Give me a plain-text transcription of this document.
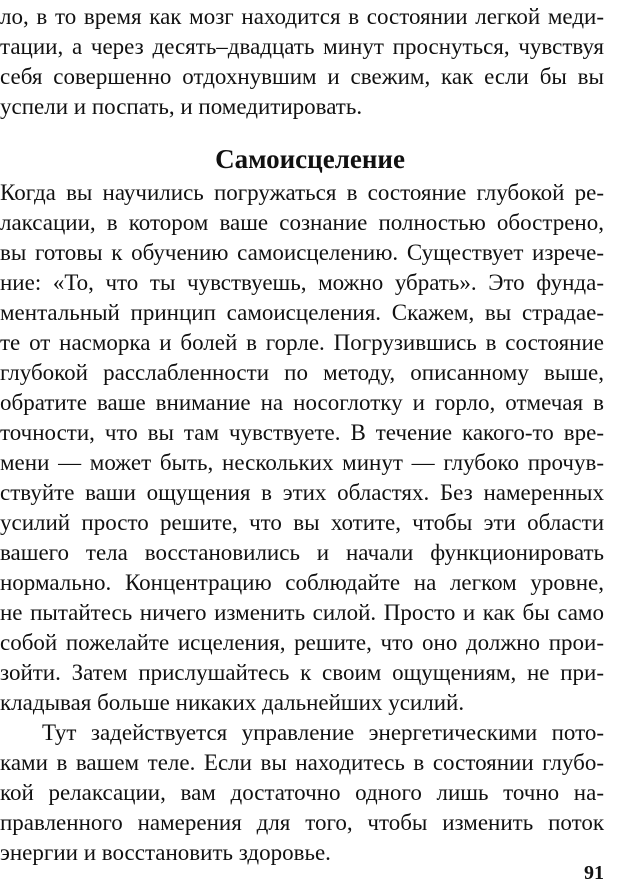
ло, в то время как мозг находится в состоянии легкой меди-
тации, а через десять–двадцать минут проснуться, чувствуя
себя совершенно отдохнувшим и свежим, как если бы вы
успели и поспать, и помедитировать.
Самоисцеление
Когда вы научились погружаться в состояние глубокой ре-
лаксации, в котором ваше сознание полностью обострено,
вы готовы к обучению самоисцелению. Существует изрече-
ние: «То, что ты чувствуешь, можно убрать». Это фунда-
ментальный принцип самоисцеления. Скажем, вы страдае-
те от насморка и болей в горле. Погрузившись в состояние
глубокой расслабленности по методу, описанному выше,
обратите ваше внимание на носоглотку и горло, отмечая в
точности, что вы там чувствуете. В течение какого-то вре-
мени — может быть, нескольких минут — глубоко прочув-
ствуйте ваши ощущения в этих областях. Без намеренных
усилий просто решите, что вы хотите, чтобы эти области
вашего тела восстановились и начали функционировать
нормально. Концентрацию соблюдайте на легком уровне,
не пытайтесь ничего изменить силой. Просто и как бы само
собой пожелайте исцеления, решите, что оно должно прои-
зойти. Затем прислушайтесь к своим ощущениям, не при-
кладывая больше никаких дальнейших усилий.
Тут задействуется управление энергетическими пото-
ками в вашем теле. Если вы находитесь в состоянии глубо-
кой релаксации, вам достаточно одного лишь точно на-
правленного намерения для того, чтобы изменить поток
энергии и восстановить здоровье.
91
